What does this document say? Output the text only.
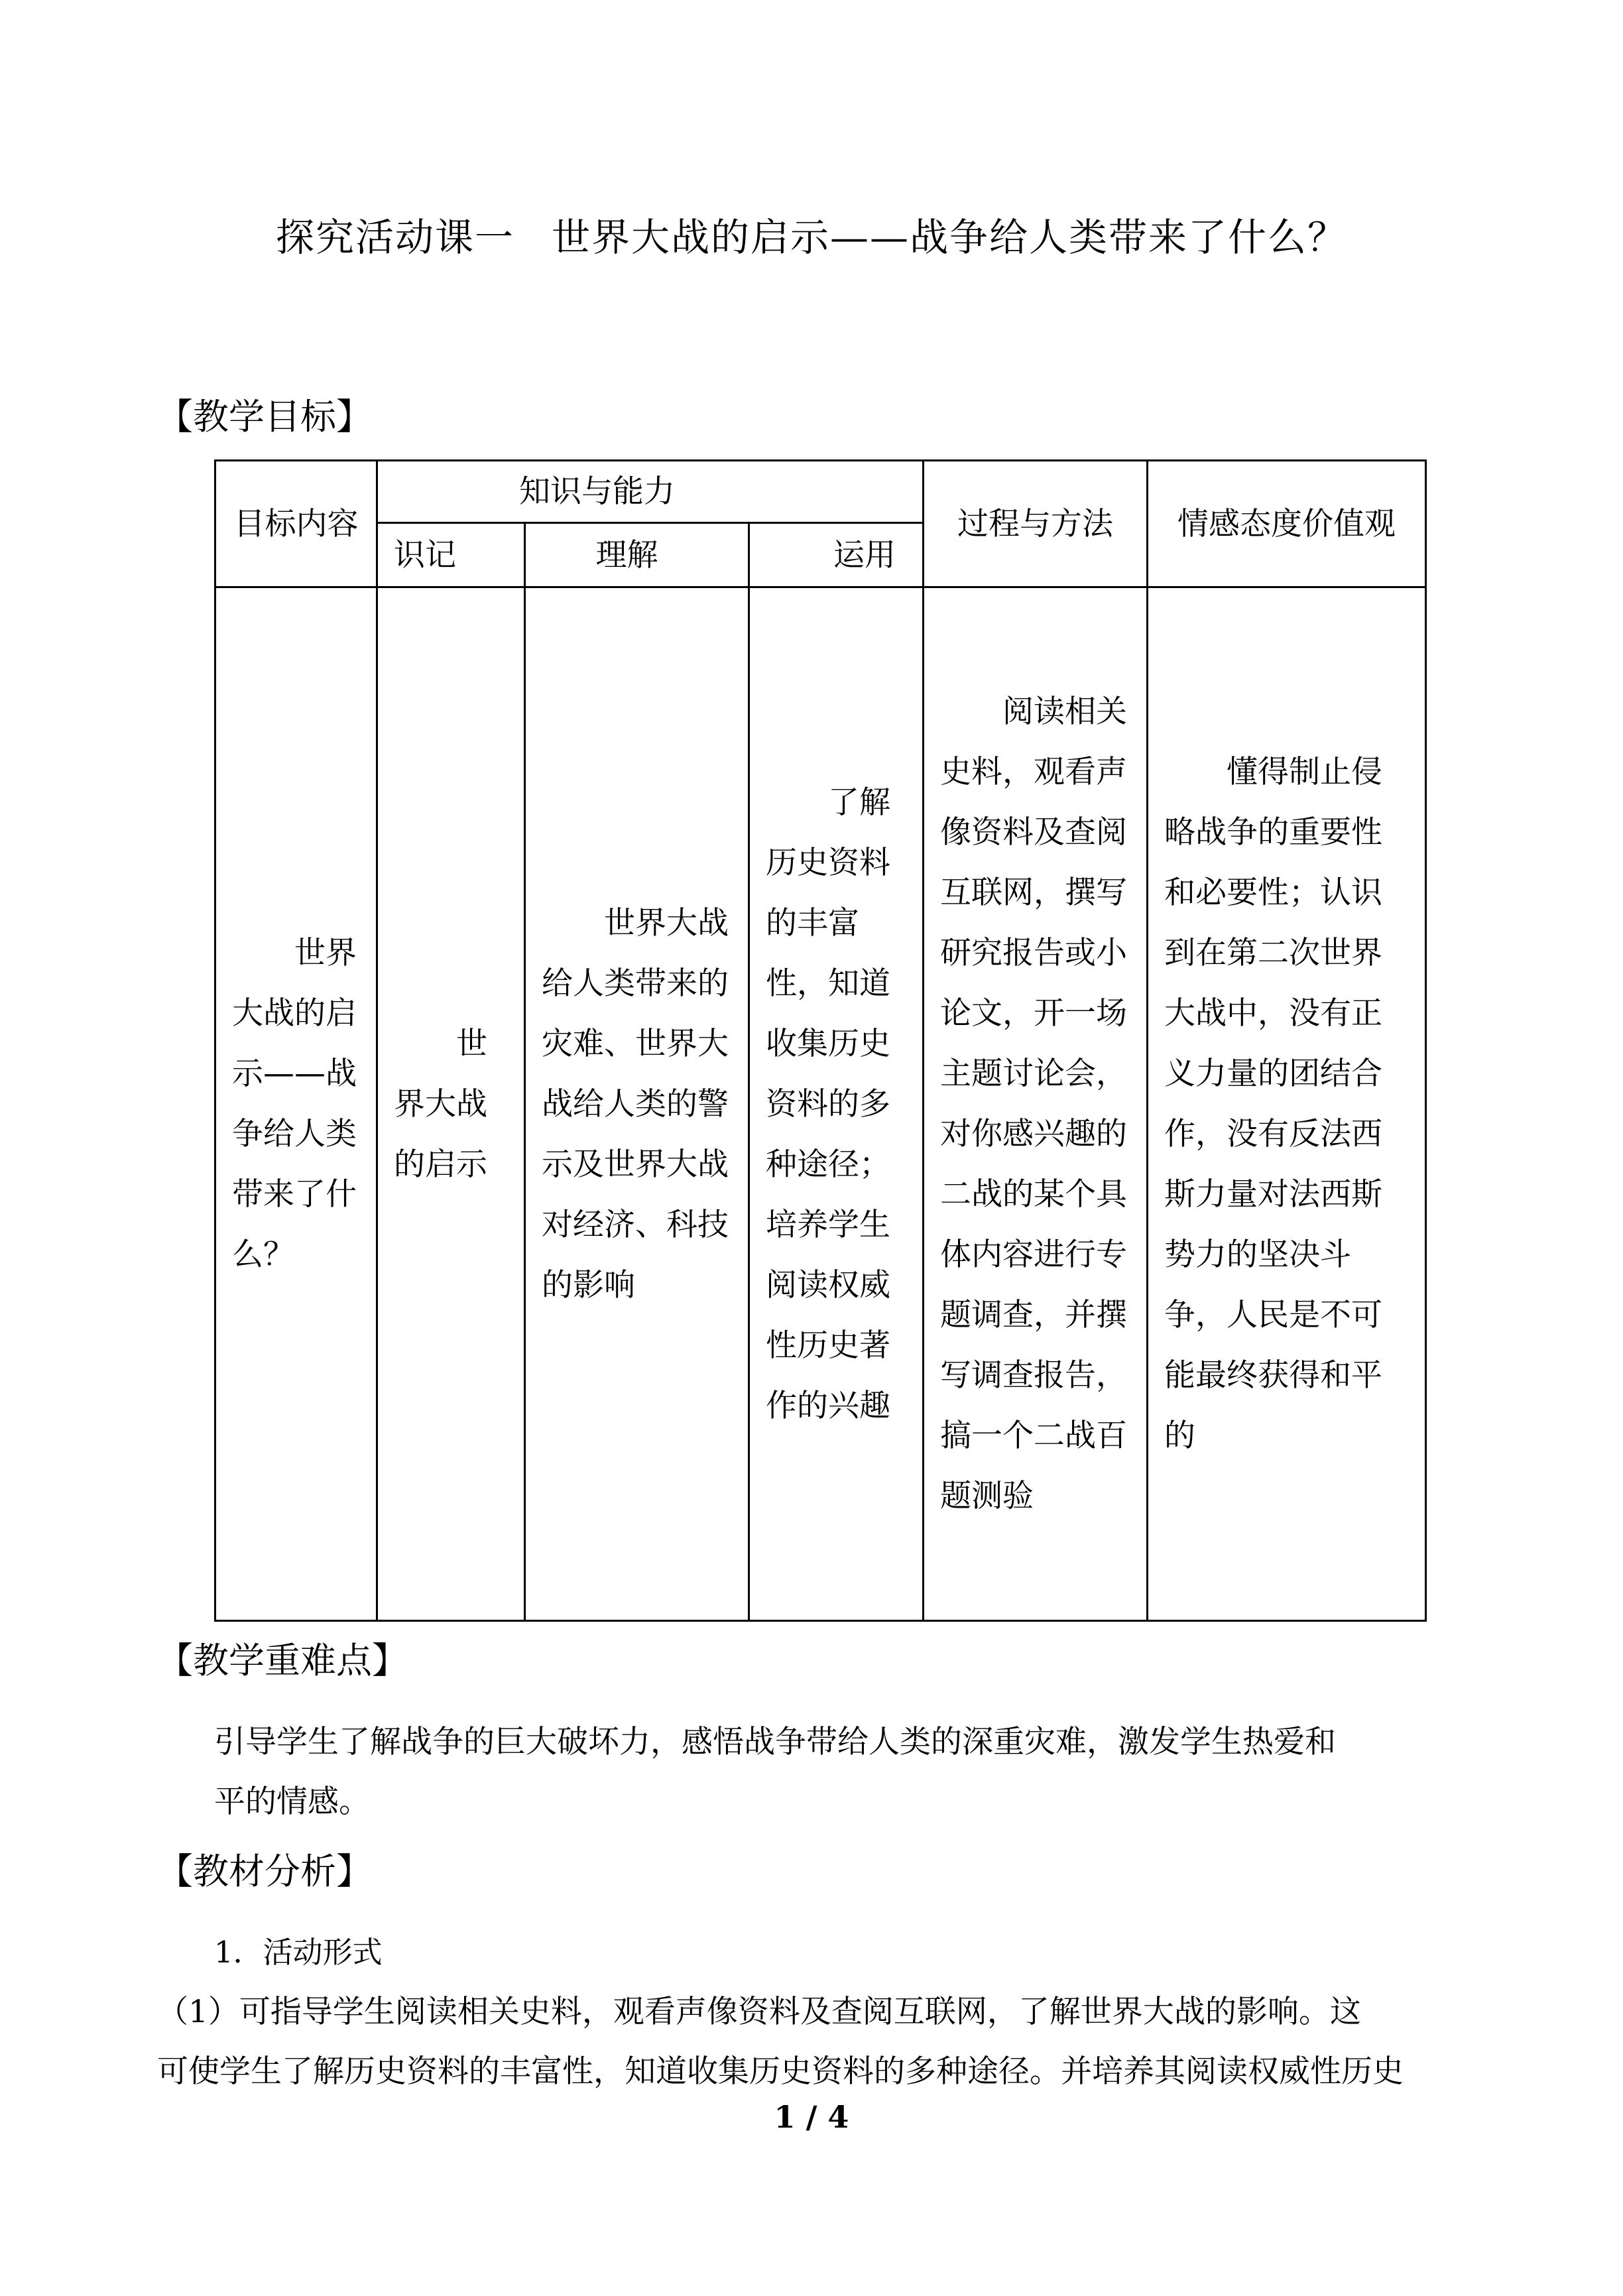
探究活动课一 世界大战的启示——战争给人类带来了什么？
【教学目标】
目标内容	知识与能力			过程与方法	情感态度价值观
	识记	理解	运用		

世界大战的启示——战争给人类带来了什么？	世界大战的启示	世界大战给人类带来的灾难、世界大战给人类的警示及世界大战对经济、科技的影响	了解历史资料的丰富性，知道收集历史资料的多种途径；培养学生阅读权威性历史著作的兴趣	阅读相关史料，观看声像资料及查阅互联网，撰写研究报告或小论文，开一场主题讨论会，对你感兴趣的二战的某个具体内容进行专题调查，并撰写调查报告，搞一个二战百题测验	懂得制止侵略战争的重要性和必要性；认识到在第二次世界大战中，没有正义力量的团结合作，没有反法西斯力量对法西斯势力的坚决斗争，人民是不可能最终获得和平的
【教学重难点】
引导学生了解战争的巨大破坏力，感悟战争带给人类的深重灾难，激发学生热爱和
平的情感。
【教材分析】
1．活动形式
（1）可指导学生阅读相关史料，观看声像资料及查阅互联网，了解世界大战的影响。这
可使学生了解历史资料的丰富性，知道收集历史资料的多种途径。并培养其阅读权威性历史
1 / 4
